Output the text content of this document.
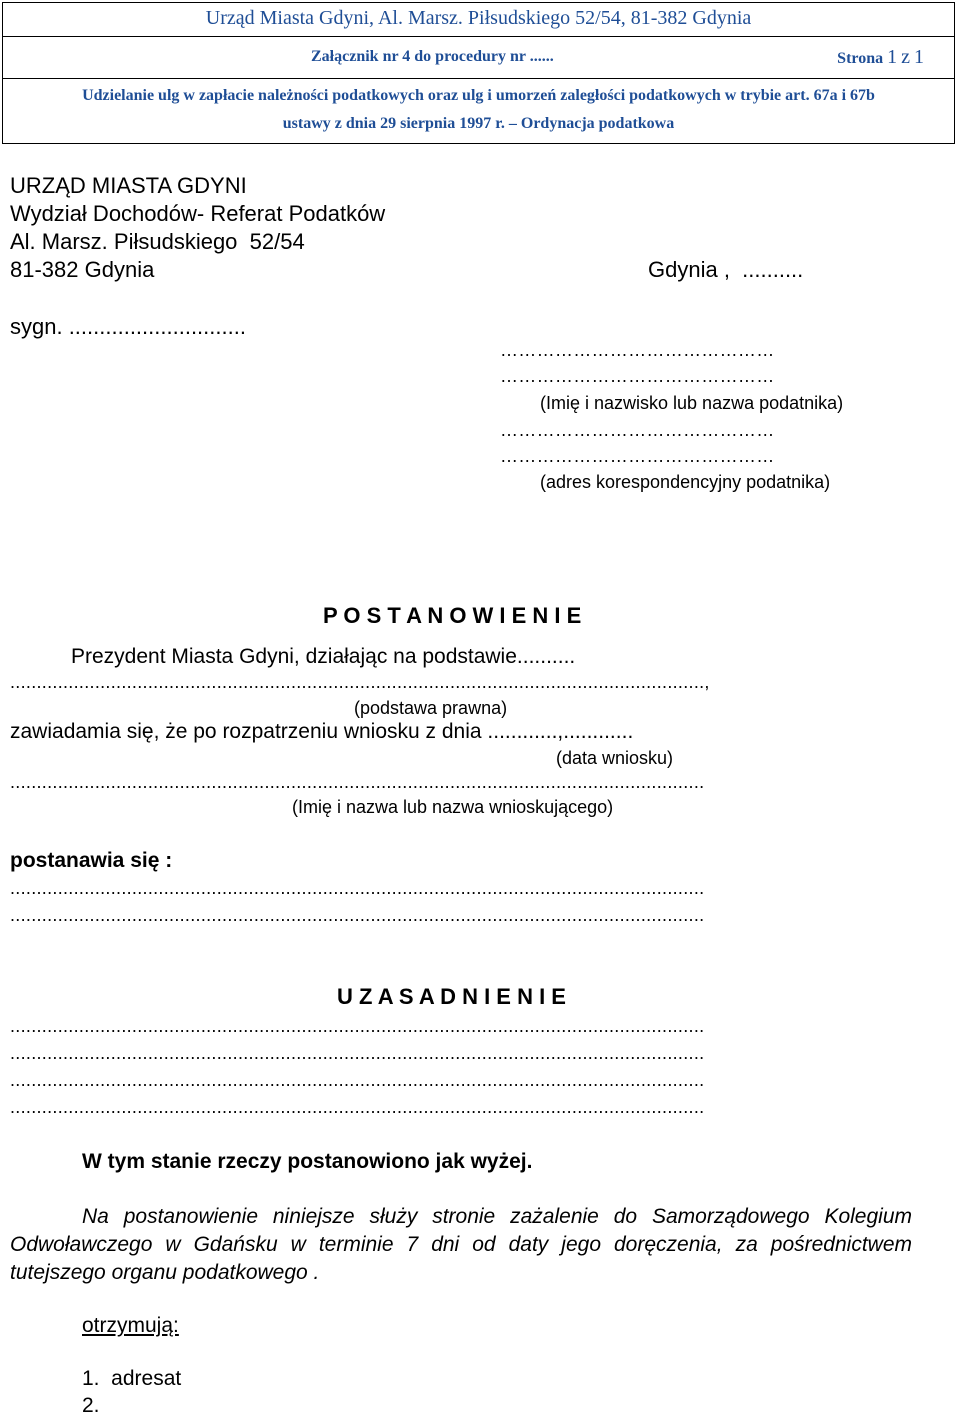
Urząd Miasta Gdyni, Al. Marsz. Piłsudskiego 52/54, 81-382 Gdynia
Załącznik nr 4 do procedury nr ......	Strona 1 z 1
Udzielanie ulg w zapłacie należności podatkowych oraz ulg i umorzeń zaległości podatkowych w trybie art. 67a i 67b
ustawy z dnia 29 sierpnia 1997 r. – Ordynacja podatkowa
URZĄD MIASTA GDYNI
Wydział Dochodów- Referat Podatków
Al. Marsz. Piłsudskiego  52/54
81-382 Gdynia	Gdynia ,  ..........
sygn. .............................
………………………………………
………………………………………
(Imię i nazwisko lub nazwa podatnika)
………………………………………
………………………………………
(adres korespondencyjny podatnika)
P O S T A N O W I E N I E
Prezydent Miasta Gdyni, działając na podstawie..........
...................................................................................................................................,
(podstawa prawna)
zawiadamia się, że po rozpatrzeniu wniosku z dnia ............,............
(data wniosku)
...................................................................................................................................
(Imię i nazwa lub nazwa wnioskującego)
postanawia się :
...................................................................................................................................
...................................................................................................................................
U Z A S A D N I E N I E
...................................................................................................................................
...................................................................................................................................
...................................................................................................................................
...................................................................................................................................
W tym stanie rzeczy postanowiono jak wyżej.
Na postanowienie niniejsze służy stronie zażalenie do Samorządowego Kolegium Odwoławczego w Gdańsku w terminie 7 dni od daty jego doręczenia, za pośrednictwem tutejszego organu podatkowego .
otrzymują:
1.  adresat
2.
